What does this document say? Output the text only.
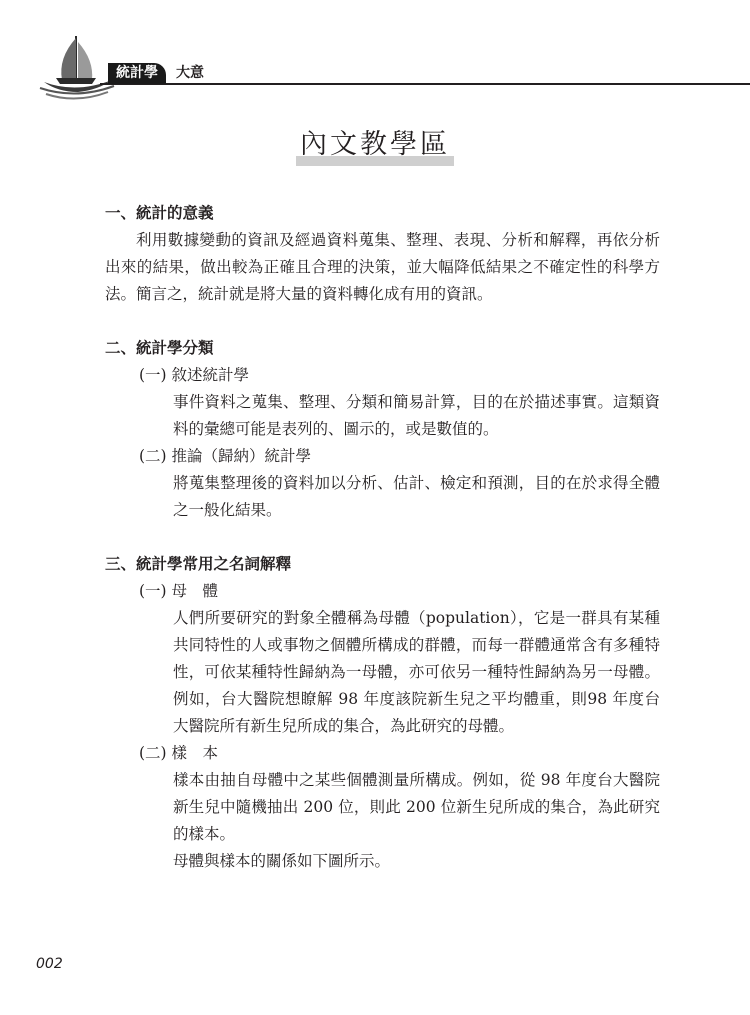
統計學	大意
內文教學區

一、統計的意義

利用數據變動的資訊及經過資料蒐集、整理、表現、分析和解釋，再依分析出來的結果，做出較為正確且合理的決策，並大幅降低結果之不確定性的科學方法。簡言之，統計就是將大量的資料轉化成有用的資訊。

二、統計學分類

(一) 敘述統計學

事件資料之蒐集、整理、分類和簡易計算，目的在於描述事實。這類資料的彙總可能是表列的、圖示的，或是數值的。

(二) 推論（歸納）統計學

將蒐集整理後的資料加以分析、估計、檢定和預測，目的在於求得全體之一般化結果。

三、統計學常用之名詞解釋

(一) 母　體

人們所要研究的對象全體稱為母體（population），它是一群具有某種共同特性的人或事物之個體所構成的群體，而每一群體通常含有多種特性，可依某種特性歸納為一母體，亦可依另一種特性歸納為另一母體。例如，台大醫院想瞭解 98 年度該院新生兒之平均體重，則98 年度台大醫院所有新生兒所成的集合，為此研究的母體。

(二) 樣　本

樣本由抽自母體中之某些個體測量所構成。例如，從 98 年度台大醫院新生兒中隨機抽出 200 位，則此 200 位新生兒所成的集合，為此研究的樣本。

母體與樣本的關係如下圖所示。

002
